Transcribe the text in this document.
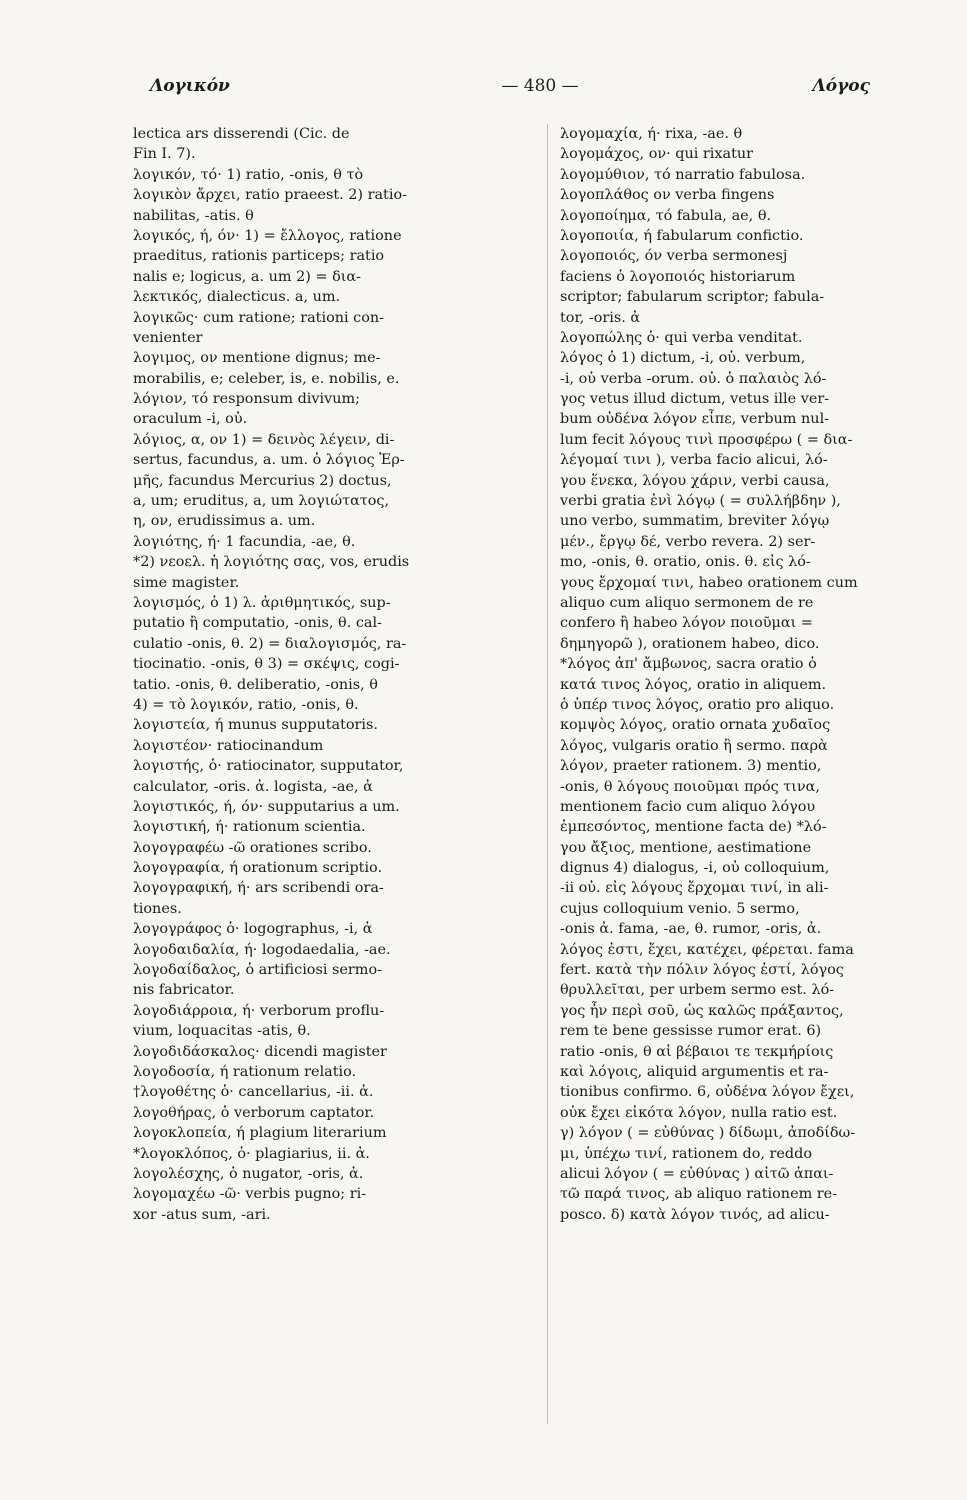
Λογικόν	— 480 —	Λόγος
lectica ars disserendi (Cic. de
Fin I. 7).
λογικόν, τό· 1) ratio, -onis, θ τὸ
λογικὸν ἄρχει, ratio praeest. 2) ratio-
nabilitas, -atis. θ
λογικός, ή, όν· 1) = ἔλλογος, ratione
praeditus, rationis particeps; ratio
nalis e; logicus, a. um 2) = δια-
λεκτικός, dialecticus. a, um.
λογικῶς· cum ratione; rationi con-
venienter
λογιμος, ον mentione dignus; me-
morabilis, e; celeber, is, e. nobilis, e.
λόγιον, τό responsum divivum;
oraculum -i, οὐ.
λόγιος, α, ον 1) = δεινὸς λέγειν, di-
sertus, facundus, a. um. ὁ λόγιος Ἑρ-
μῆς, facundus Mercurius 2) doctus,
a, um; eruditus, a, um λογιώτατος,
η, ον, erudissimus a. um.
λογιότης, ή· 1 facundia, -ae, θ.
*2) νεοελ. ἡ λογιότης σας, vos, erudis
sime magister.
λογισμός, ὁ 1) λ. ἀριθμητικός, sup-
putatio ἢ computatio, -onis, θ. cal-
culatio -onis, θ. 2) = διαλογισμός, ra-
tiocinatio. -onis, θ 3) = σκέψις, cogi-
tatio. -onis, θ. deliberatio, -onis, θ
4) = τὸ λογικόν, ratio, -onis, θ.
λογιστεία, ή munus supputatoris.
λογιστέον· ratiocinandum
λογιστής, ὁ· ratiocinator, supputator,
calculator, -oris. ἀ. logista, -ae, ἀ
λογιστικός, ή, όν· supputarius a um.
λογιστική, ή· rationum scientia.
λογογραφέω -ῶ orationes scribo.
λογογραφία, ή orationum scriptio.
λογογραφική, ή· ars scribendi ora-
tiones.
λογογράφος ὁ· logographus, -i, ἀ
λογοδαιδαλία, ή· logodaedalia, -ae.
λογοδαίδαλος, ὁ artificiosi sermo-
nis fabricator.
λογοδιάρροια, ή· verborum proflu-
vium, loquacitas -atis, θ.
λογοδιδάσκαλος· dicendi magister
λογοδοσία, ή rationum relatio.
†λογοθέτης ὁ· cancellarius, -ii. ἀ.
λογοθήρας, ὁ verborum captator.
λογοκλοπεία, ή plagium literarium
*λογοκλόπος, ὁ· plagiarius, ii. ἀ.
λογολέσχης, ὁ nugator, -oris, ἀ.
λογομαχέω -ῶ· verbis pugno; ri-
xor -atus sum, -ari.
λογομαχία, ή· rixa, -ae. θ
λογομάχος, ον· qui rixatur
λογομύθιον, τό narratio fabulosa.
λογοπλάθος ον verba fingens
λογοποίημα, τό fabula, ae, θ.
λογοποιία, ή fabularum confictio.
λογοποιός, όν verba sermonesj
faciens ὁ λογοποιός historiarum
scriptor; fabularum scriptor; fabula-
tor, -oris. ἀ
λογοπώλης ὁ· qui verba venditat.
λόγος ὁ 1) dictum, -i, οὐ. verbum,
-i, οὐ verba -orum. οὐ. ὁ παλαιὸς λό-
γος vetus illud dictum, vetus ille ver-
bum οὐδένα λόγον εἶπε, verbum nul-
lum fecit λόγους τινὶ προσφέρω ( = δια-
λέγομαί τινι ), verba facio alicui, λό-
γου ἕνεκα, λόγου χάριν, verbi causa,
verbi gratia ἑνὶ λόγῳ ( = συλλήβδην ),
uno verbo, summatim, breviter λόγῳ
μέν., ἔργῳ δέ, verbo revera. 2) ser-
mo, -onis, θ. oratio, onis. θ. εἰς λό-
γους ἔρχομαί τινι, habeo orationem cum
aliquo cum aliquo sermonem de re
confero ἢ habeo λόγον ποιοῦμαι =
δημηγορῶ ), orationem habeo, dico.
*λόγος ἀπ' ἄμβωνος, sacra oratio ὁ
κατά τινος λόγος, oratio in aliquem.
ὁ ὑπέρ τινος λόγος, oratio pro aliquo.
κομψὸς λόγος, oratio ornata χυδαῖος
λόγος, vulgaris oratio ἢ sermo. παρὰ
λόγον, praeter rationem. 3) mentio,
-onis, θ λόγους ποιοῦμαι πρός τινα,
mentionem facio cum aliquo λόγου
ἐμπεσόντος, mentione facta de) *λό-
γου ἄξιος, mentione, aestimatione
dignus 4) dialogus, -i, οὐ colloquium,
-ii οὐ. εἰς λόγους ἔρχομαι τινί, in ali-
cujus colloquium venio. 5 sermo,
-onis ἀ. fama, -ae, θ. rumor, -oris, ἀ.
λόγος ἐστι, ἔχει, κατέχει, φέρεται. fama
fert. κατὰ τὴν πόλιν λόγος ἐστί, λόγος
θρυλλεῖται, per urbem sermo est. λό-
γος ἦν περὶ σοῦ, ὡς καλῶς πράξαντος,
rem te bene gessisse rumor erat. 6)
ratio -onis, θ αἱ βέβαιοι τε τεκμήρίοις
καὶ λόγοις, aliquid argumentis et ra-
tionibus confirmo. 6, οὐδένα λόγον ἔχει,
οὐκ ἔχει εἰκότα λόγον, nulla ratio est.
γ) λόγον ( = εὐθύνας ) δίδωμι, ἀποδίδω-
μι, ὑπέχω τινί, rationem do, reddo
alicui λόγον ( = εὐθύνας ) αἰτῶ ἀπαι-
τῶ παρά τινος, ab aliquo rationem re-
posco. δ) κατὰ λόγον τινός, ad alicu-
